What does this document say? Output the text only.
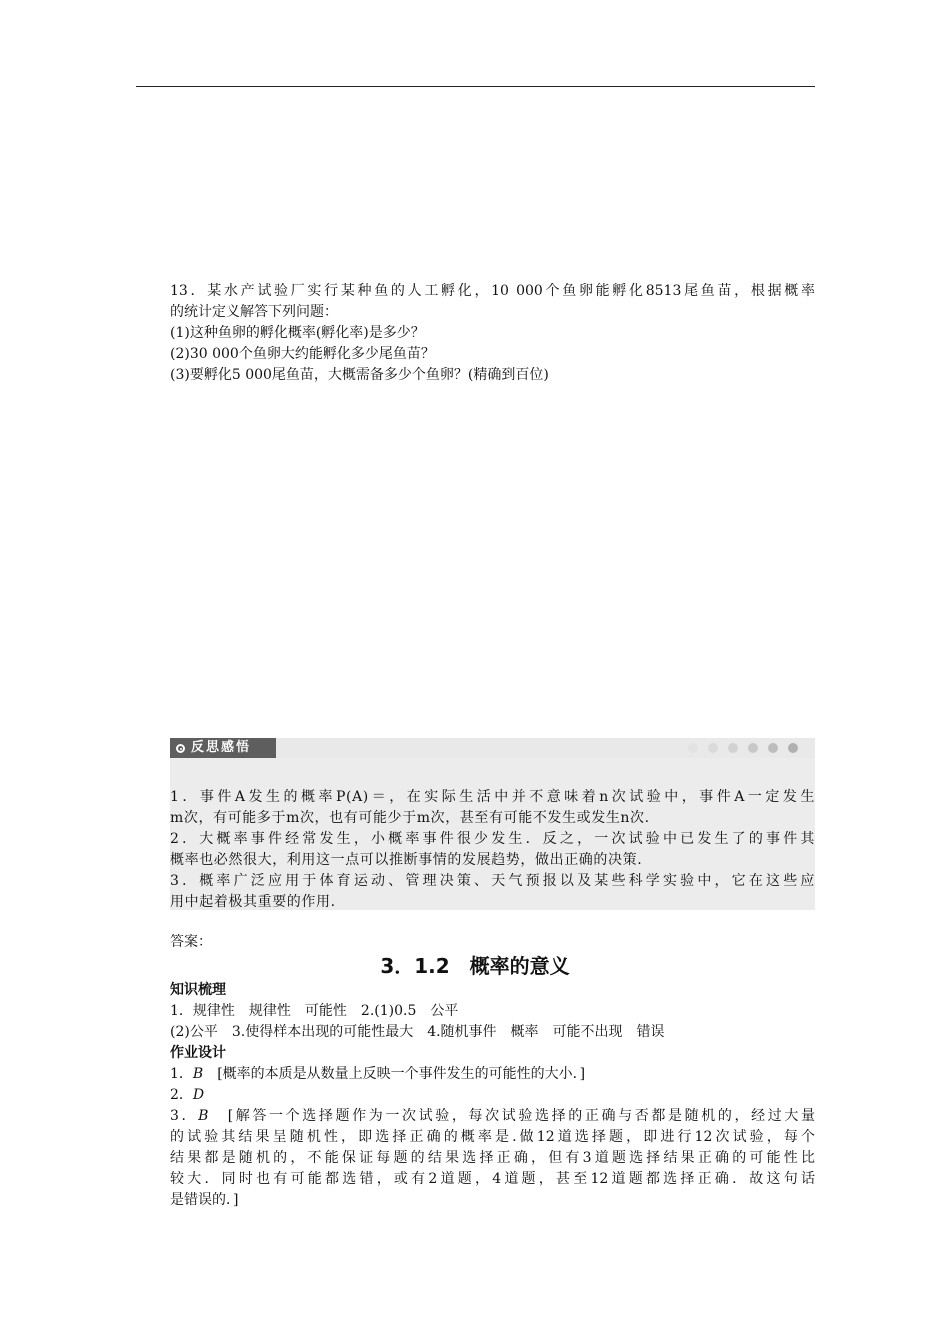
13．某水产试验厂实行某种鱼的人工孵化，10 000个鱼卵能孵化8513尾鱼苗，根据概率
的统计定义解答下列问题：
(1)这种鱼卵的孵化概率(孵化率)是多少？
(2)30 000个鱼卵大约能孵化多少尾鱼苗？
(3)要孵化5 000尾鱼苗，大概需备多少个鱼卵？(精确到百位)
反思感悟
1．事件A发生的概率P(A)＝，在实际生活中并不意味着n次试验中，事件A一定发生
m次，有可能多于m次，也有可能少于m次，甚至有可能不发生或发生n次.
2．大概率事件经常发生，小概率事件很少发生．反之，一次试验中已发生了的事件其
概率也必然很大，利用这一点可以推断事情的发展趋势，做出正确的决策.
3．概率广泛应用于体育运动、管理决策、天气预报以及某些科学实验中，它在这些应
用中起着极其重要的作用.
答案：
3．1.2　概率的意义
知识梳理
1．规律性　规律性　可能性　2.(1)0.5　公平
(2)公平　3.使得样本出现的可能性最大　4.随机事件　概率　可能不出现　错误
作业设计
1．B　[概率的本质是从数量上反映一个事件发生的可能性的大小．]
2．D
3．B　[解答一个选择题作为一次试验，每次试验选择的正确与否都是随机的，经过大量
的试验其结果呈随机性，即选择正确的概率是.做12道选择题，即进行12次试验，每个
结果都是随机的，不能保证每题的结果选择正确，但有3道题选择结果正确的可能性比
较大．同时也有可能都选错，或有2道题，4道题，甚至12道题都选择正确．故这句话
是错误的．]
